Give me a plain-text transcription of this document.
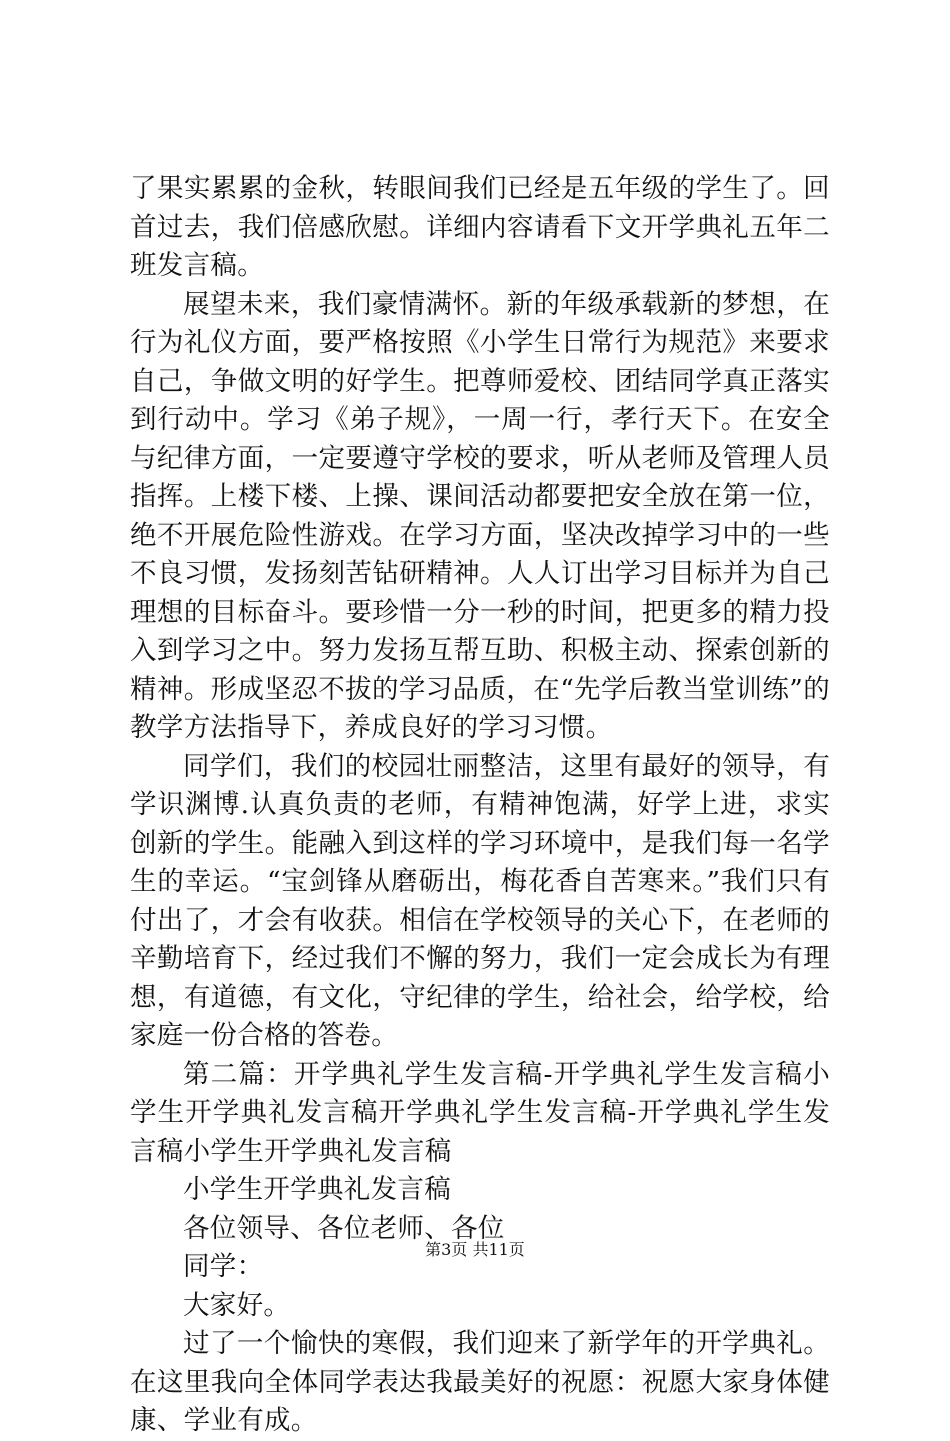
了果实累累的金秋，转眼间我们已经是五年级的学生了。回首过去，我们倍感欣慰。详细内容请看下文开学典礼五年二班发言稿。

展望未来，我们豪情满怀。新的年级承载新的梦想，在行为礼仪方面，要严格按照《小学生日常行为规范》来要求自己，争做文明的好学生。把尊师爱校、团结同学真正落实到行动中。学习《弟子规》，一周一行，孝行天下。在安全与纪律方面，一定要遵守学校的要求，听从老师及管理人员指挥。上楼下楼、上操、课间活动都要把安全放在第一位，绝不开展危险性游戏。在学习方面，坚决改掉学习中的一些不良习惯，发扬刻苦钻研精神。人人订出学习目标并为自己理想的目标奋斗。要珍惜一分一秒的时间，把更多的精力投入到学习之中。努力发扬互帮互助、积极主动、探索创新的精神。形成坚忍不拔的学习品质，在“先学后教当堂训练”的教学方法指导下，养成良好的学习习惯。

同学们，我们的校园壮丽整洁，这里有最好的领导，有学识渊博.认真负责的老师，有精神饱满，好学上进，求实创新的学生。能融入到这样的学习环境中，是我们每一名学生的幸运。“宝剑锋从磨砺出，梅花香自苦寒来。”我们只有付出了，才会有收获。相信在学校领导的关心下，在老师的辛勤培育下，经过我们不懈的努力，我们一定会成长为有理想，有道德，有文化，守纪律的学生，给社会，给学校，给家庭一份合格的答卷。

第二篇：开学典礼学生发言稿-开学典礼学生发言稿小学生开学典礼发言稿开学典礼学生发言稿-开学典礼学生发言稿小学生开学典礼发言稿

小学生开学典礼发言稿

各位领导、各位老师、各位

同学：

大家好。

过了一个愉快的寒假，我们迎来了新学年的开学典礼。在这里我向全体同学表达我最美好的祝愿：祝愿大家身体健康、学业有成。

第3页 共11页
